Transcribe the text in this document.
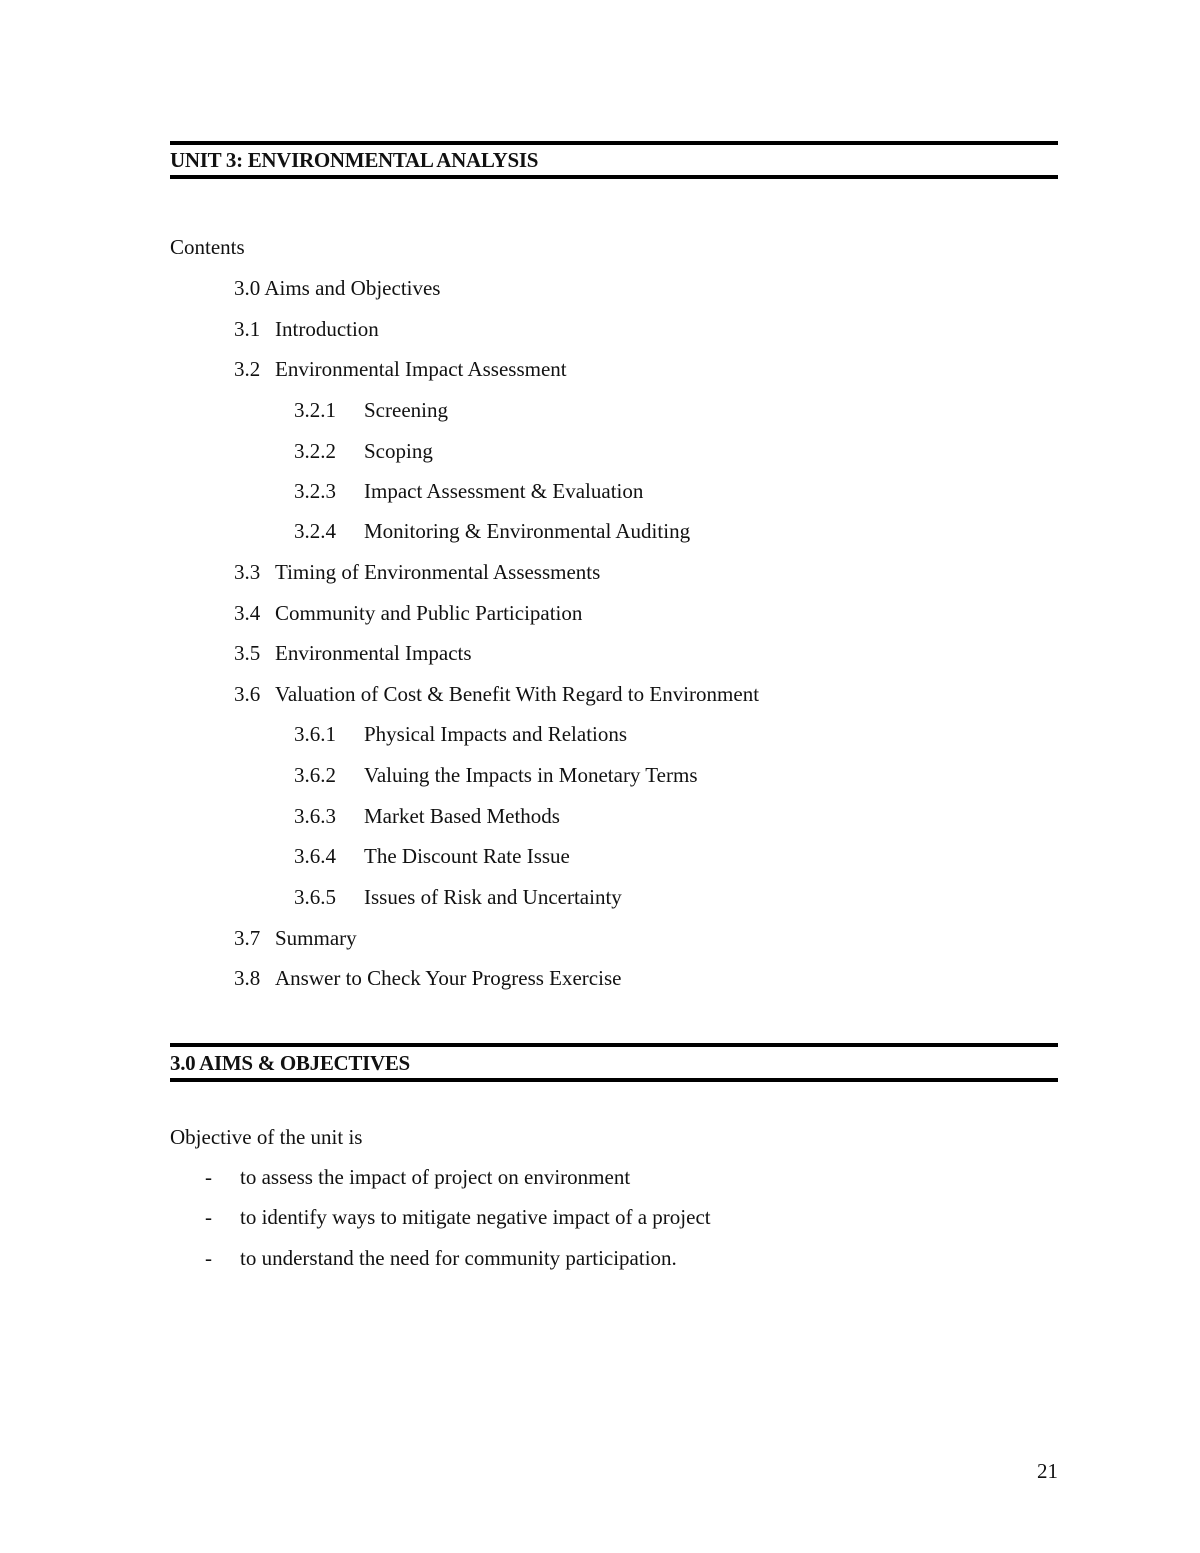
UNIT 3: ENVIRONMENTAL ANALYSIS
Contents
3.0 Aims and Objectives
3.1 Introduction
3.2 Environmental Impact Assessment
3.2.1 Screening
3.2.2 Scoping
3.2.3 Impact Assessment & Evaluation
3.2.4 Monitoring & Environmental Auditing
3.3 Timing of Environmental Assessments
3.4 Community and Public Participation
3.5 Environmental Impacts
3.6 Valuation of Cost & Benefit With Regard to Environment
3.6.1 Physical Impacts and Relations
3.6.2 Valuing the Impacts in Monetary Terms
3.6.3 Market Based Methods
3.6.4 The Discount Rate Issue
3.6.5 Issues of Risk and Uncertainty
3.7 Summary
3.8 Answer to Check Your Progress Exercise
3.0 AIMS & OBJECTIVES
Objective of the unit is
- to assess the impact of project on environment
- to identify ways to mitigate negative impact of a project
- to understand the need for community participation.
21
